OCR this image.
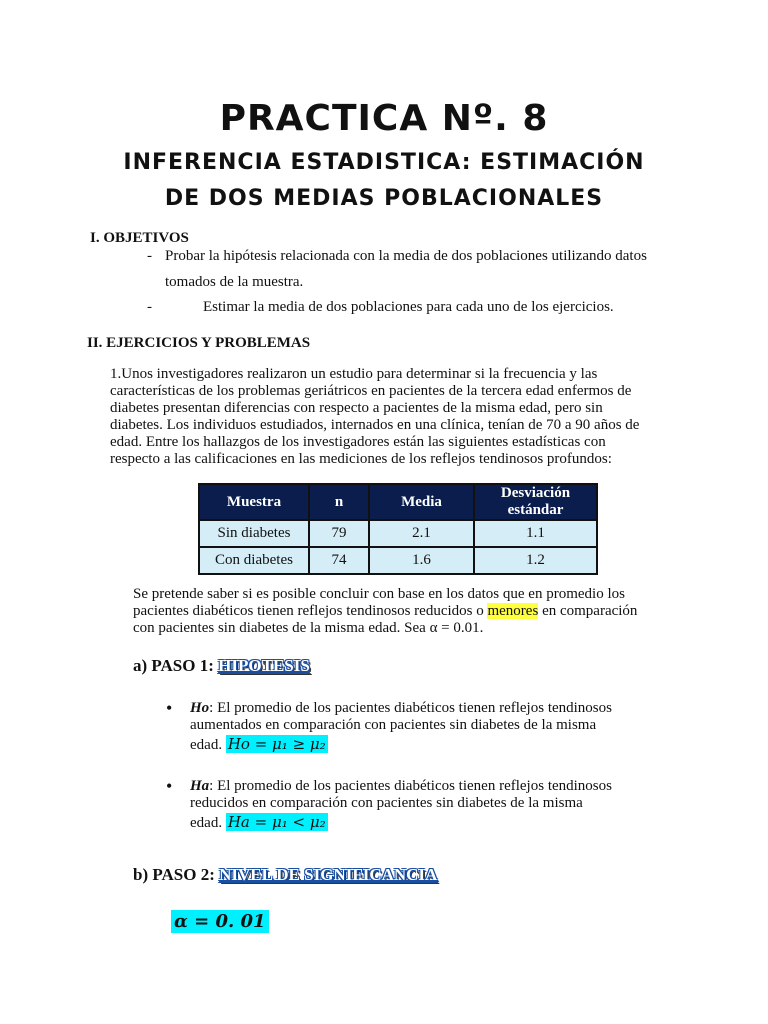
PRACTICA Nº. 8
INFERENCIA ESTADISTICA: ESTIMACIÓN
DE DOS MEDIAS POBLACIONALES
I. OBJETIVOS
- Probar la hipótesis relacionada con la media de dos poblaciones utilizando datos
tomados de la muestra.
-	Estimar la media de dos poblaciones para cada uno de los ejercicios.
II. EJERCICIOS Y PROBLEMAS
1.Unos investigadores realizaron un estudio para determinar si la frecuencia y las
características de los problemas geriátricos en pacientes de la tercera edad enfermos de
diabetes presentan diferencias con respecto a pacientes de la misma edad, pero sin
diabetes. Los individuos estudiados, internados en una clínica, tenían de 70 a 90 años de
edad. Entre los hallazgos de los investigadores están las siguientes estadísticas con
respecto a las calificaciones en las mediciones de los reflejos tendinosos profundos:
Muestra	n	Media	Desviación estándar
Sin diabetes	79	2.1	1.1
Con diabetes	74	1.6	1.2
Se pretende saber si es posible concluir con base en los datos que en promedio los
pacientes diabéticos tienen reflejos tendinosos reducidos o menores en comparación
con pacientes sin diabetes de la misma edad. Sea α = 0.01.
a) PASO 1: HIPOTESIS
• Ho: El promedio de los pacientes diabéticos tienen reflejos tendinosos
aumentados en comparación con pacientes sin diabetes de la misma
edad. Ho = μ₁ ≥ μ₂
• Ha: El promedio de los pacientes diabéticos tienen reflejos tendinosos
reducidos en comparación con pacientes sin diabetes de la misma
edad. Ha = μ₁ < μ₂
b) PASO 2: NIVEL DE SIGNIFICANCIA
α = 0. 01
